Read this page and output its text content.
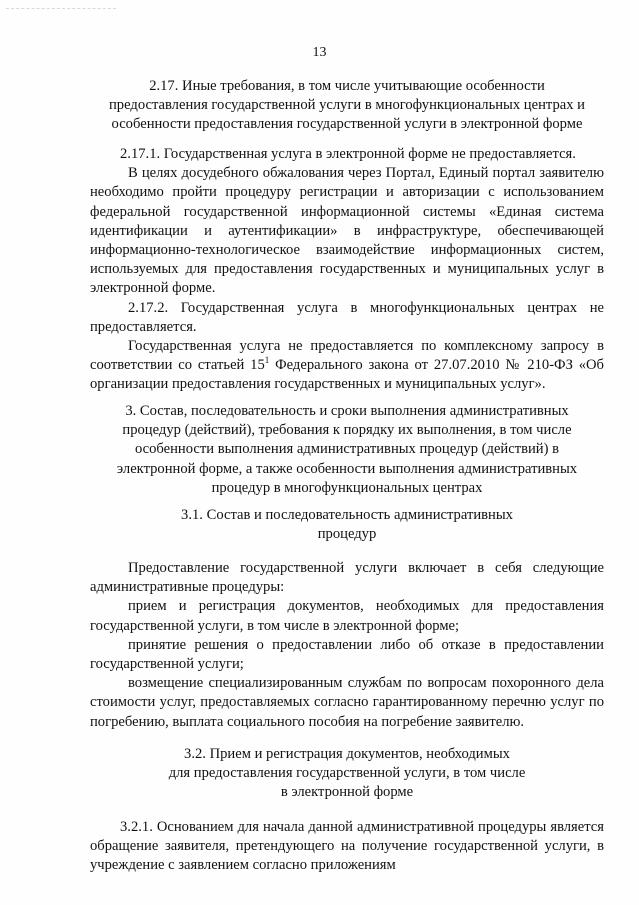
13
2.17. Иные требования, в том числе учитывающие особенности
предоставления государственной услуги в многофункциональных центрах и
особенности предоставления государственной услуги в электронной форме

2.17.1. Государственная услуга в электронной форме не предоставляется.

В целях досудебного обжалования через Портал, Единый портал заявителю необходимо пройти процедуру регистрации и авторизации с использованием федеральной государственной информационной системы «Единая система идентификации и аутентификации» в инфраструктуре, обеспечивающей информационно-технологическое взаимодействие информационных систем, используемых для предоставления государственных и муниципальных услуг в электронной форме.

2.17.2. Государственная услуга в многофункциональных центрах не предоставляется.

Государственная услуга не предоставляется по комплексному запросу в соответствии со статьей $15^1$ Федерального закона от 27.07.2010 № 210-ФЗ «Об организации предоставления государственных и муниципальных услуг».

3. Состав, последовательность и сроки выполнения административных
процедур (действий), требования к порядку их выполнения, в том числе
особенности выполнения административных процедур (действий) в
электронной форме, а также особенности выполнения административных
процедур в многофункциональных центрах
3.1. Состав и последовательность административных
процедур

Предоставление государственной услуги включает в себя следующие административные процедуры:

прием и регистрация документов, необходимых для предоставления государственной услуги, в том числе в электронной форме;

принятие решения о предоставлении либо об отказе в предоставлении государственной услуги;

возмещение специализированным службам по вопросам похоронного дела стоимости услуг, предоставляемых согласно гарантированному перечню услуг по погребению, выплата социального пособия на погребение заявителю.

3.2. Прием и регистрация документов, необходимых
для предоставления государственной услуги, в том числе
в электронной форме

3.2.1. Основанием для начала данной административной процедуры является обращение заявителя, претендующего на получение государственной услуги, в учреждение с заявлением согласно приложениям
